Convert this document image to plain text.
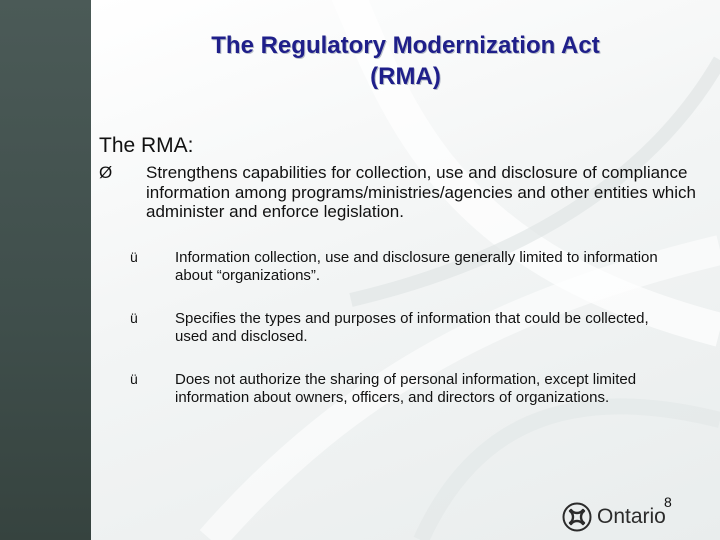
The Regulatory Modernization Act
(RMA)
The RMA:
Ø Strengthens capabilities for collection, use and disclosure of compliance information among programs/ministries/agencies and other entities which administer and enforce legislation.
ü Information collection, use and disclosure generally limited to information about “organizations”.
ü Specifies the types and purposes of information that could be collected, used and disclosed.
ü Does not authorize the sharing of personal information, except limited information about owners, officers, and directors of organizations.
8
Ontario
